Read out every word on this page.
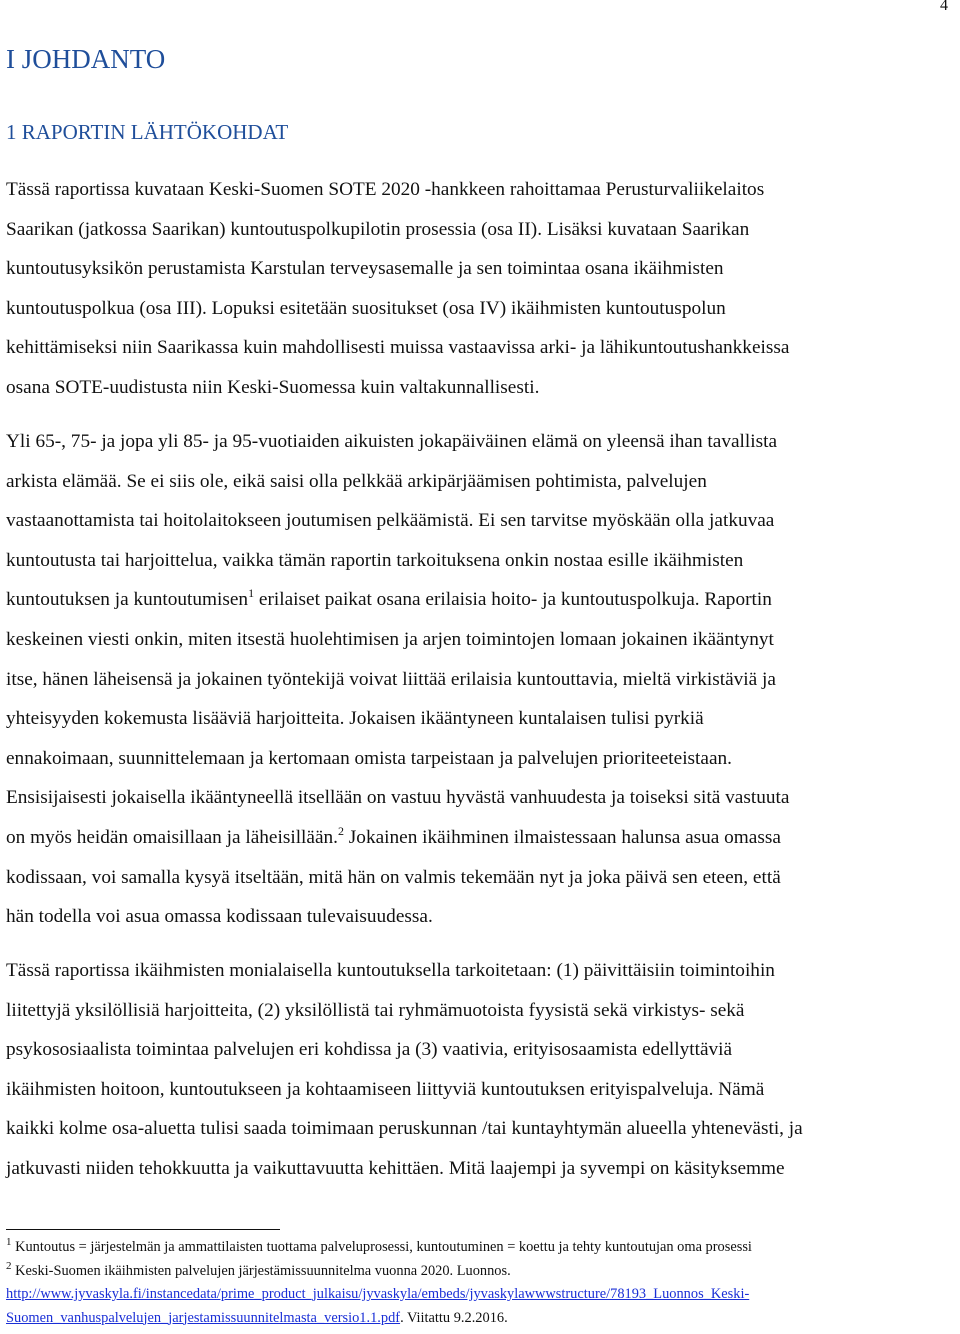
4
I JOHDANTO
1 RAPORTIN LÄHTÖKOHDAT
Tässä raportissa kuvataan Keski-Suomen SOTE 2020 -hankkeen rahoittamaa Perusturvaliikelaitos
Saarikan (jatkossa Saarikan) kuntoutuspolkupilotin prosessia (osa II). Lisäksi kuvataan Saarikan
kuntoutusyksikön perustamista Karstulan terveysasemalle ja sen toimintaa osana ikäihmisten
kuntoutuspolkua (osa III). Lopuksi esitetään suositukset (osa IV) ikäihmisten kuntoutuspolun
kehittämiseksi niin Saarikassa kuin mahdollisesti muissa vastaavissa arki- ja lähikuntoutushankkeissa
osana SOTE-uudistusta niin Keski-Suomessa kuin valtakunnallisesti.
Yli 65-, 75- ja jopa yli 85- ja 95-vuotiaiden aikuisten jokapäiväinen elämä on yleensä ihan tavallista
arkista elämää. Se ei siis ole, eikä saisi olla pelkkää arkipärjäämisen pohtimista, palvelujen
vastaanottamista tai hoitolaitokseen joutumisen pelkäämistä. Ei sen tarvitse myöskään olla jatkuvaa
kuntoutusta tai harjoittelua, vaikka tämän raportin tarkoituksena onkin nostaa esille ikäihmisten
kuntoutuksen ja kuntoutumisen$^1$ erilaiset paikat osana erilaisia hoito- ja kuntoutuspolkuja. Raportin
keskeinen viesti onkin, miten itsestä huolehtimisen ja arjen toimintojen lomaan jokainen ikääntynyt
itse, hänen läheisensä ja jokainen työntekijä voivat liittää erilaisia kuntouttavia, mieltä virkistäviä ja
yhteisyyden kokemusta lisääviä harjoitteita. Jokaisen ikääntyneen kuntalaisen tulisi pyrkiä
ennakoimaan, suunnittelemaan ja kertomaan omista tarpeistaan ja palvelujen prioriteeteistaan.
Ensisijaisesti jokaisella ikääntyneellä itsellään on vastuu hyvästä vanhuudesta ja toiseksi sitä vastuuta
on myös heidän omaisillaan ja läheisillään.$^2$ Jokainen ikäihminen ilmaistessaan halunsa asua omassa
kodissaan, voi samalla kysyä itseltään, mitä hän on valmis tekemään nyt ja joka päivä sen eteen, että
hän todella voi asua omassa kodissaan tulevaisuudessa.
Tässä raportissa ikäihmisten monialaisella kuntoutuksella tarkoitetaan: (1) päivittäisiin toimintoihin
liitettyjä yksilöllisiä harjoitteita, (2) yksilöllistä tai ryhmämuotoista fyysistä sekä virkistys- sekä
psykososiaalista toimintaa palvelujen eri kohdissa ja (3) vaativia, erityisosaamista edellyttäviä
ikäihmisten hoitoon, kuntoutukseen ja kohtaamiseen liittyviä kuntoutuksen erityispalveluja. Nämä
kaikki kolme osa-aluetta tulisi saada toimimaan peruskunnan /tai kuntayhtymän alueella yhtenevästi, ja
jatkuvasti niiden tehokkuutta ja vaikuttavuutta kehittäen. Mitä laajempi ja syvempi on käsityksemme
$^1$ Kuntoutus = järjestelmän ja ammattilaisten tuottama palveluprosessi, kuntoutuminen = koettu ja tehty kuntoutujan oma prosessi
$^2$ Keski-Suomen ikäihmisten palvelujen järjestämissuunnitelma vuonna 2020. Luonnos.
http://www.jyvaskyla.fi/instancedata/prime_product_julkaisu/jyvaskyla/embeds/jyvaskylawwwstructure/78193_Luonnos_Keski-
Suomen_vanhuspalvelujen_jarjestamissuunnitelmasta_versio1.1.pdf. Viitattu 9.2.2016.
